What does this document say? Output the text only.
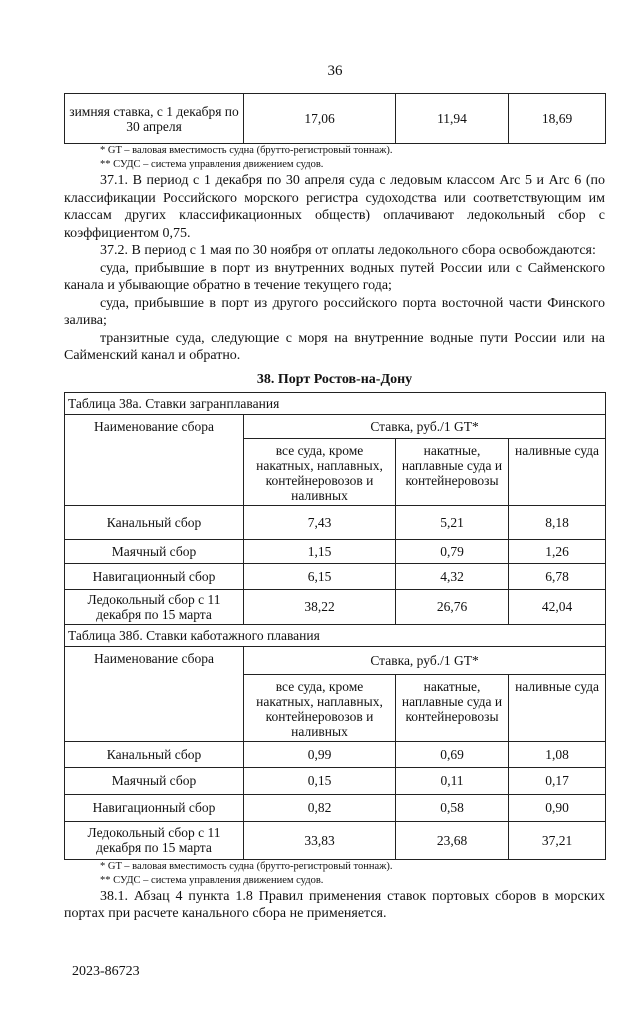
36
зимняя ставка, с 1 декабря по 30 апреля	17,06	11,94	18,69
* GT – валовая вместимость судна (брутто-регистровый тоннаж).
** СУДС – система управления движением судов.
37.1. В период с 1 декабря по 30 апреля суда с ледовым классом Arc 5 и Arc 6 (по классификации Российского морского регистра судоходства или соответствующим им классам других классификационных обществ) оплачивают ледокольный сбор с коэффициентом 0,75.
37.2. В период с 1 мая по 30 ноября от оплаты ледокольного сбора освобождаются:
суда, прибывшие в порт из внутренних водных путей России или с Сайменского канала и убывающие обратно в течение текущего года;
суда, прибывшие в порт из другого российского порта восточной части Финского залива;
транзитные суда, следующие с моря на внутренние водные пути России или на Сайменский канал и обратно.
38. Порт Ростов-на-Дону
Таблица 38а. Ставки загранплавания			
Наименование сбора	Ставка, руб./1 GT*		
	все суда, кроме накатных, наплавных, контейнеровозов и наливных	накатные, наплавные суда и контейнеровозы	наливные суда
Канальный сбор	7,43	5,21	8,18
Маячный сбор	1,15	0,79	1,26
Навигационный сбор	6,15	4,32	6,78
Ледокольный сбор с 11 декабря по 15 марта	38,22	26,76	42,04
Таблица 38б. Ставки каботажного плавания			
Наименование сбора	Ставка, руб./1 GT*		
	все суда, кроме накатных, наплавных, контейнеровозов и наливных	накатные, наплавные суда и контейнеровозы	наливные суда
Канальный сбор	0,99	0,69	1,08
Маячный сбор	0,15	0,11	0,17
Навигационный сбор	0,82	0,58	0,90
Ледокольный сбор с 11 декабря по 15 марта	33,83	23,68	37,21
* GT – валовая вместимость судна (брутто-регистровый тоннаж).
** СУДС – система управления движением судов.
38.1. Абзац 4 пункта 1.8 Правил применения ставок портовых сборов в морских портах при расчете канального сбора не применяется.
2023-86723
